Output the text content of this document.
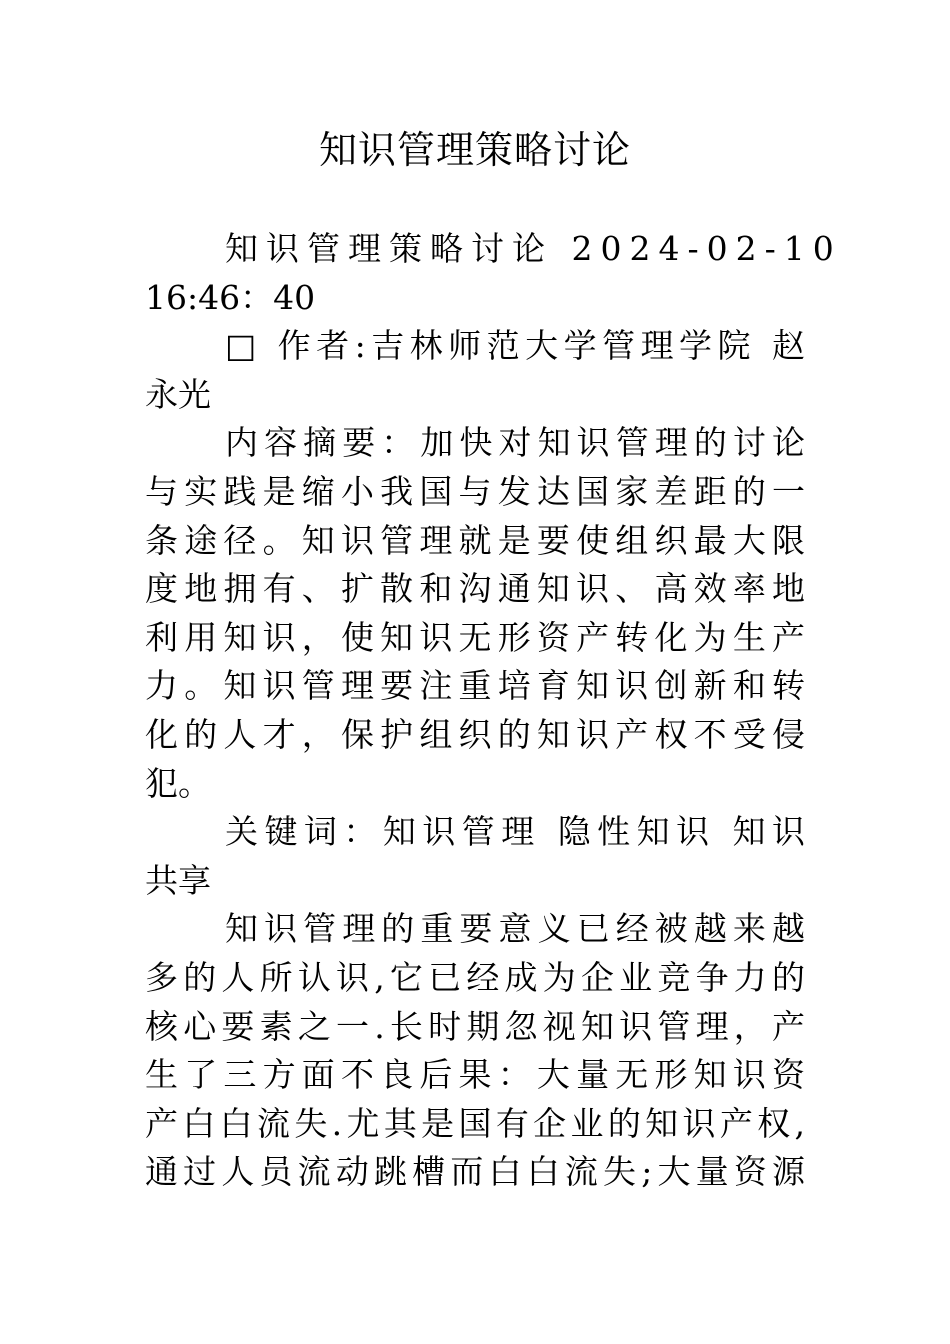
知识管理策略讨论
知识管理策略讨论 2024-02-10
16:46：40
□ 作者:吉林师范大学管理学院 赵
永光
内容摘要：加快对知识管理的讨论
与实践是缩小我国与发达国家差距的一
条途径。知识管理就是要使组织最大限
度地拥有、扩散和沟通知识、高效率地
利用知识，使知识无形资产转化为生产
力。知识管理要注重培育知识创新和转
化的人才，保护组织的知识产权不受侵
犯。
关键词：知识管理 隐性知识 知识
共享
知识管理的重要意义已经被越来越
多的人所认识,它已经成为企业竞争力的
核心要素之一.长时期忽视知识管理，产
生了三方面不良后果：大量无形知识资
产白白流失.尤其是国有企业的知识产权,
通过人员流动跳槽而白白流失;大量资源
